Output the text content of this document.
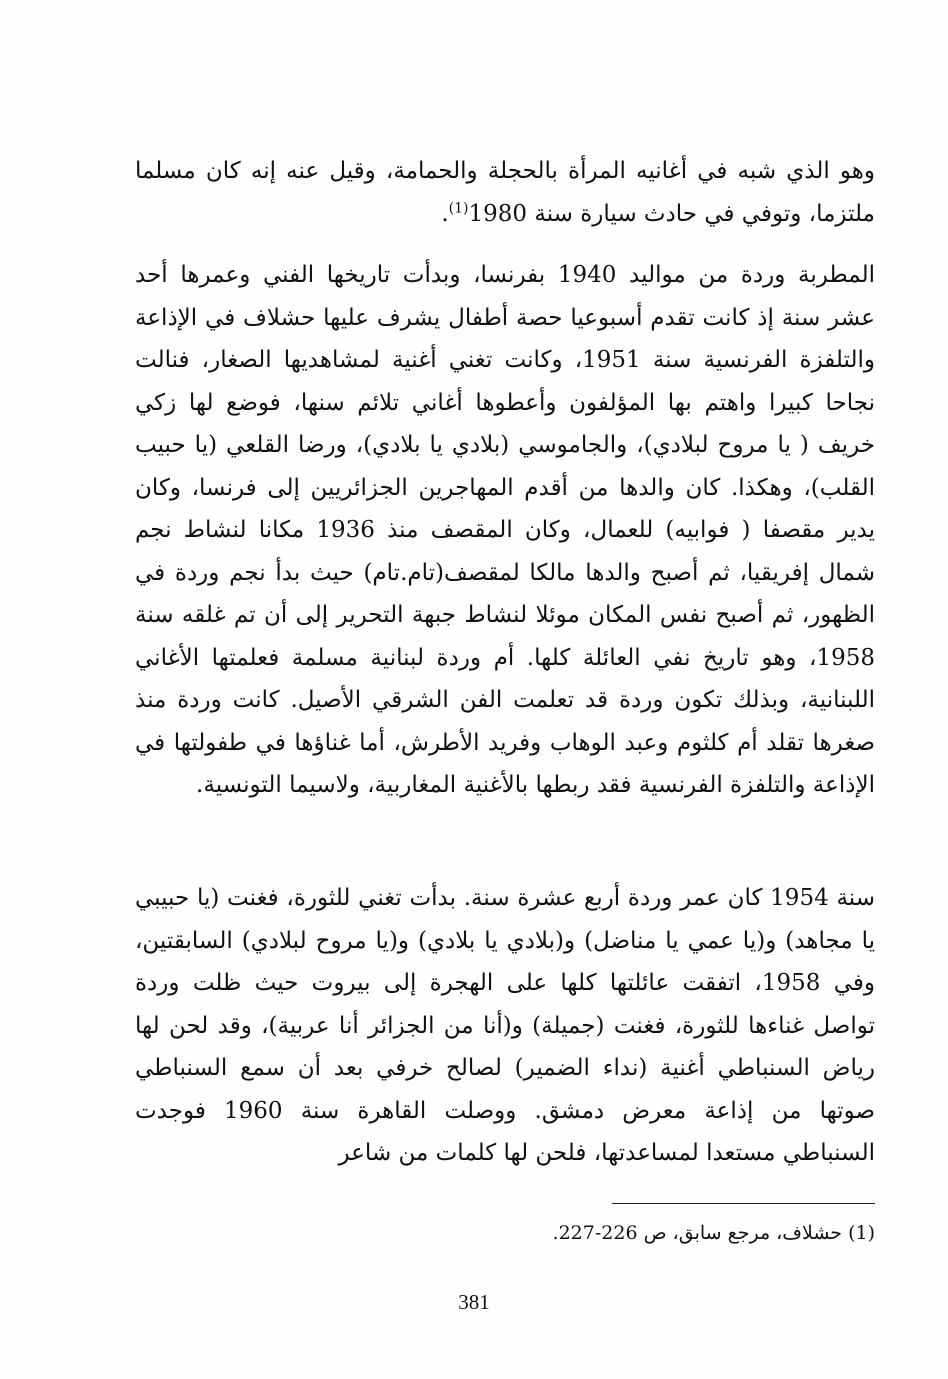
وهو الذي شبه في أغانيه المرأة بالحجلة والحمامة، وقيل عنه إنه كان مسلما ملتزما، وتوفي في حادث سيارة سنة 1980$^{(1)}$.

المطربة وردة من مواليد 1940 بفرنسا، وبدأت تاريخها الفني وعمرها أحد عشر سنة إذ كانت تقدم أسبوعيا حصة أطفال يشرف عليها حشلاف في الإذاعة والتلفزة الفرنسية سنة 1951، وكانت تغني أغنية لمشاهديها الصغار، فنالت نجاحا كبيرا واهتم بها المؤلفون وأعطوها أغاني تلائم سنها، فوضع لها زكي خريف ( يا مروح لبلادي)، والجاموسي (بلادي يا بلادي)، ورضا القلعي (يا حبيب القلب)، وهكذا. كان والدها من أقدم المهاجرين الجزائريين إلى فرنسا، وكان يدير مقصفا ( فوابيه) للعمال، وكان المقصف منذ 1936 مكانا لنشاط نجم شمال إفريقيا، ثم أصبح والدها مالكا لمقصف(تام.تام) حيث بدأ نجم وردة في الظهور، ثم أصبح نفس المكان موئلا لنشاط جبهة التحرير إلى أن تم غلقه سنة 1958، وهو تاريخ نفي العائلة كلها. أم وردة لبنانية مسلمة فعلمتها الأغاني اللبنانية، وبذلك تكون وردة قد تعلمت الفن الشرقي الأصيل. كانت وردة منذ صغرها تقلد أم كلثوم وعبد الوهاب وفريد الأطرش، أما غناؤها في طفولتها في الإذاعة والتلفزة الفرنسية فقد ربطها بالأغنية المغاربية، ولاسيما التونسية.

سنة 1954 كان عمر وردة أربع عشرة سنة. بدأت تغني للثورة، فغنت (يا حبيبي يا مجاهد) و(يا عمي يا مناضل) و(بلادي يا بلادي) و(يا مروح لبلادي) السابقتين، وفي 1958، اتفقت عائلتها كلها على الهجرة إلى بيروت حيث ظلت وردة تواصل غناءها للثورة، فغنت (جميلة) و(أنا من الجزائر أنا عربية)، وقد لحن لها رياض السنباطي أغنية (نداء الضمير) لصالح خرفي بعد أن سمع السنباطي صوتها من إذاعة معرض دمشق. ووصلت القاهرة سنة 1960 فوجدت السنباطي مستعدا لمساعدتها، فلحن لها كلمات من شاعر

(1) حشلاف، مرجع سابق، ص 226-227.

381
